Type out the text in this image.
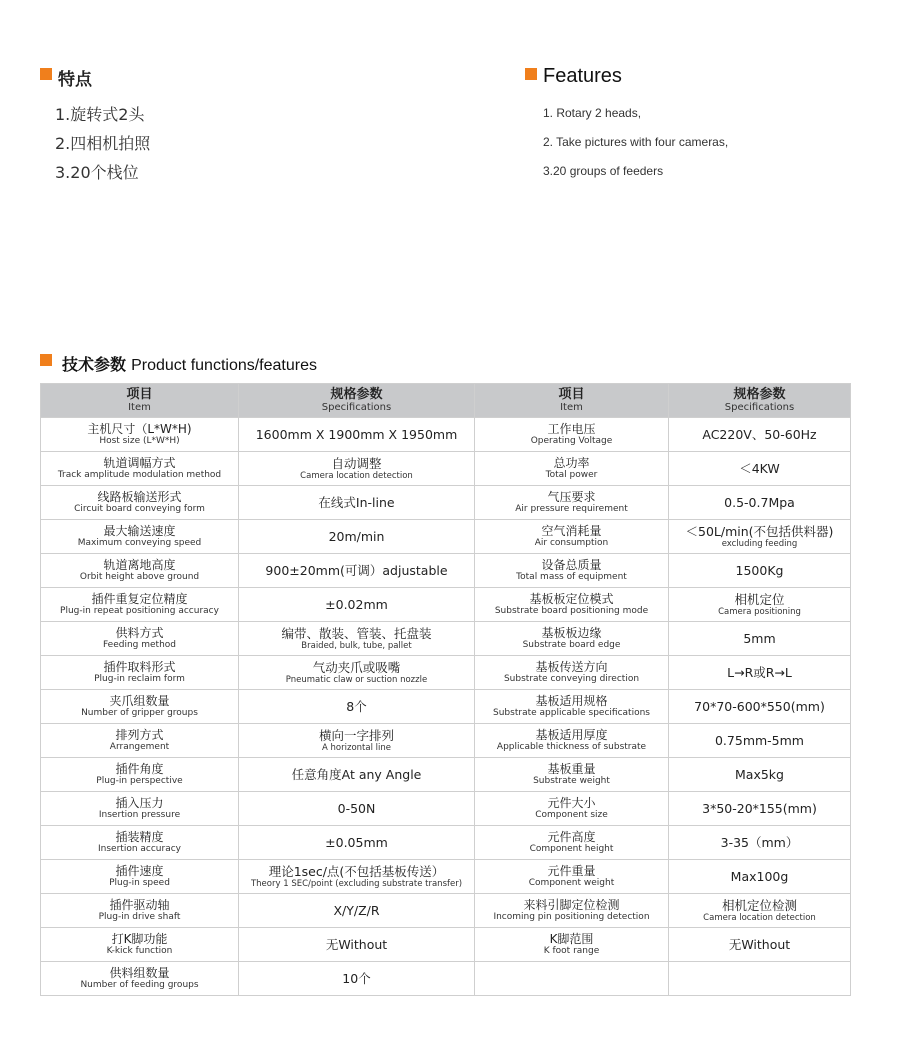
特点
1.旋转式2头
2.四相机拍照
3.20个栈位
Features
1. Rotary 2 heads,
2. Take pictures with four cameras,
3.20 groups of feeders
技术参数 Product functions/features
项目
Item	规格参数
Specifications	项目
Item	规格参数
Specifications

主机尺寸（L*W*H)
Host size (L*W*H)	1600mm X 1900mm X 1950mm	工作电压
Operating Voltage	AC220V、50-60Hz

轨道调幅方式
Track amplitude modulation method	自动调整
Camera location detection	总功率
Total power	＜4KW

线路板输送形式
Circuit board conveying form	在线式In-line	气压要求
Air pressure requirement	0.5-0.7Mpa

最大输送速度
Maximum conveying speed	20m/min	空气消耗量
Air consumption	＜50L/min(不包括供料器)
excluding feeding

轨道离地高度
Orbit height above ground	900±20mm(可调）adjustable	设备总质量
Total mass of equipment	1500Kg

插件重复定位精度
Plug-in repeat positioning accuracy	±0.02mm	基板板定位模式
Substrate board positioning mode	相机定位
Camera positioning

供料方式
Feeding method	编带、散装、管装、托盘装
Braided, bulk, tube, pallet	基板板边缘
Substrate board edge	5mm

插件取料形式
Plug-in reclaim form	气动夹爪或吸嘴
Pneumatic claw or suction nozzle	基板传送方向
Substrate conveying direction	L→R或R→L

夹爪组数量
Number of gripper groups	8个	基板适用规格
Substrate applicable specifications	70*70-600*550(mm)

排列方式
Arrangement	横向一字排列
A horizontal line	基板适用厚度
Applicable thickness of substrate	0.75mm-5mm

插件角度
Plug-in perspective	任意角度At any Angle	基板重量
Substrate weight	Max5kg

插入压力
Insertion pressure	0-50N	元件大小
Component size	3*50-20*155(mm)

插装精度
Insertion accuracy	±0.05mm	元件高度
Component height	3-35（mm）

插件速度
Plug-in speed	理论1sec/点(不包括基板传送）
Theory 1 SEC/point (excluding substrate transfer)	元件重量
Component weight	Max100g

插件驱动轴
Plug-in drive shaft	X/Y/Z/R	来料引脚定位检测
Incoming pin positioning detection	相机定位检测
Camera location detection

打K脚功能
K-kick function	无Without	K脚范围
K foot range	无Without

供料组数量
Number of feeding groups	10个		
